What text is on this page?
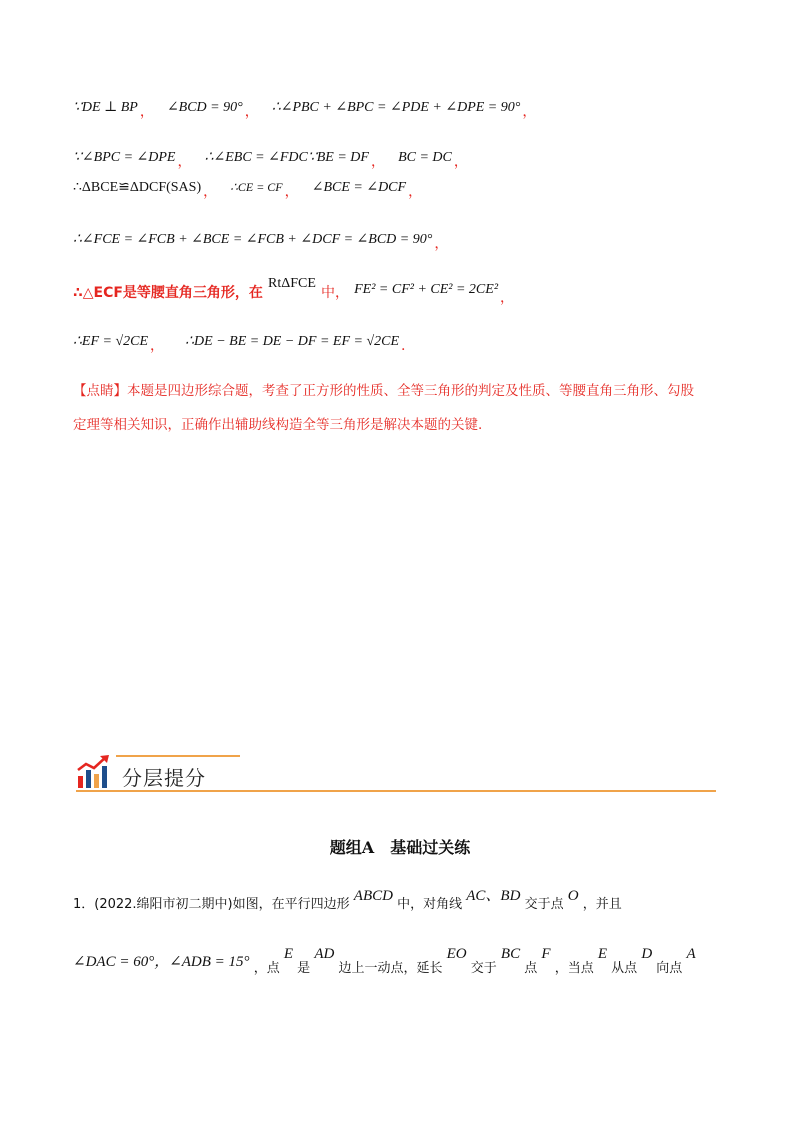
∵DE ⊥ BP ， ∠BCD = 90° ， ∴∠PBC + ∠BPC = ∠PDE + ∠DPE = 90° ，
∵∠BPC = ∠DPE ， ∴∠EBC = ∠FDC∵BE = DF ， BC = DC ，
∴ΔBCE≌ΔDCF(SAS) ， ∴CE = CF ， ∠BCE = ∠DCF ，
∴∠FCE = ∠FCB + ∠BCE = ∠FCB + ∠DCF = ∠BCD = 90° ，
∴△ECF是等腰直角三角形，在 RtΔFCE 中， FE² = CF² + CE² = 2CE²，
∴EF = √2CE ， ∴DE − BE = DE − DF = EF = √2CE .
【点睛】本题是四边形综合题，考查了正方形的性质、全等三角形的判定及性质、等腰直角三角形、勾股
定理等相关知识，正确作出辅助线构造全等三角形是解决本题的关键.
分层提分
题组A　基础过关练
1．(2022.绵阳市初二期中)如图，在平行四边形 ABCD 中，对角线 AC、BD 交于点 O ，并且
∠DAC = 60°，∠ADB = 15° ，点 E 是 AD 边上一动点，延长 EO 交于 BC 点 F ，当点 E 从点 D 向点 A
